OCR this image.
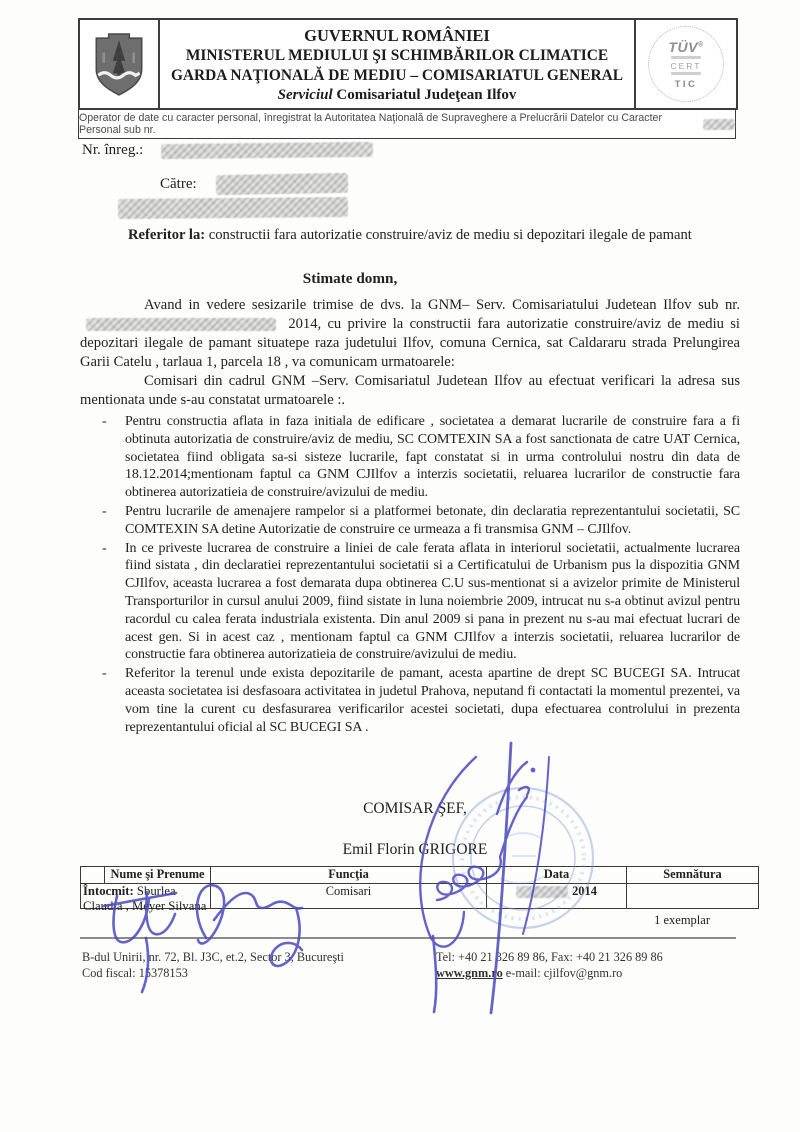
GUVERNUL ROMÂNIEI
MINISTERUL MEDIULUI ŞI SCHIMBĂRILOR CLIMATICE
GARDA NAŢIONALĂ DE MEDIU – COMISARIATUL GENERAL
Serviciul Comisariatul Judeţean Ilfov
TÜV®
CERT
TIC
Operator de date cu caracter personal, înregistrat la Autoritatea Naţională de Supraveghere a Prelucrării Datelor cu Caracter Personal sub nr.
Nr. înreg.:
Către:
Referitor la: constructii fara autorizatie construire/aviz de mediu si depozitari ilegale de pamant
Stimate domn,

Avand in vedere sesizarile trimise de dvs. la GNM– Serv. Comisariatului Judetean Ilfov sub nr.  2014, cu privire la constructii fara autorizatie construire/aviz de mediu si depozitari ilegale de pamant situatepe raza judetului Ilfov, comuna Cernica, sat Caldararu strada Prelungirea Garii Catelu , tarlaua 1, parcela 18 , va comunicam urmatoarele:

Comisari din cadrul GNM –Serv. Comisariatul Judetean Ilfov au efectuat verificari la adresa sus mentionata unde s-au constatat urmatoarele :.

- Pentru constructia aflata in faza initiala de edificare , societatea a demarat lucrarile de construire fara a fi obtinuta autorizatia de construire/aviz de mediu, SC COMTEXIN SA a fost sanctionata de catre UAT Cernica, societatea fiind obligata sa-si sisteze lucrarile, fapt constatat si in urma controlului nostru din data de 18.12.2014;mentionam faptul ca GNM CJIlfov a interzis societatii, reluarea lucrarilor de constructie fara obtinerea autorizatieia de construire/avizului de mediu.
- Pentru lucrarile de amenajere rampelor si a platformei betonate, din declaratia reprezentantului societatii, SC COMTEXIN SA detine Autorizatie de construire ce urmeaza a fi transmisa GNM – CJIlfov.
- In ce priveste lucrarea de construire a liniei de cale ferata aflata in interiorul societatii, actualmente lucrarea fiind sistata , din declaratiei reprezentantului societatii si a Certificatului de Urbanism pus la dispozitia GNM CJIlfov, aceasta lucrarea a fost demarata dupa obtinerea C.U sus-mentionat si a avizelor primite de Ministerul Transporturilor in cursul anului 2009, fiind sistate in luna noiembrie 2009, intrucat nu s-a obtinut avizul pentru racordul cu calea ferata industriala existenta. Din anul 2009 si pana in prezent nu s-au mai efectuat lucrari de acest gen. Si in acest caz , mentionam faptul ca GNM CJIlfov a interzis societatii, reluarea lucrarilor de constructie fara obtinerea autorizatieia de construire/avizului de mediu.
- Referitor la terenul unde exista depozitarile de pamant, acesta apartine de drept SC BUCEGI SA. Intrucat aceasta societatea isi desfasoara activitatea in judetul Prahova, neputand fi contactati la momentul prezentei, va vom tine la curent cu desfasurarea verificarilor acestei societati, dupa efectuarea controlului in prezenta reprezentantului oficial al SC BUCEGI SA .
COMISAR ŞEF,
Emil Florin GRIGORE
	Nume şi Prenume	Funcţia	Data	Semnătura

Întocmit: Sburlea Claudia , Meyer Silvana		Comisari	2014	

1 exemplar
B-dul Unirii, nr. 72, Bl. J3C, et.2, Sector 3, Bucureşti
Cod fiscal: 15378153
Tel: +40 21 326 89 86, Fax: +40 21 326 89 86
www.gnm.ro e-mail: cjilfov@gnm.ro
